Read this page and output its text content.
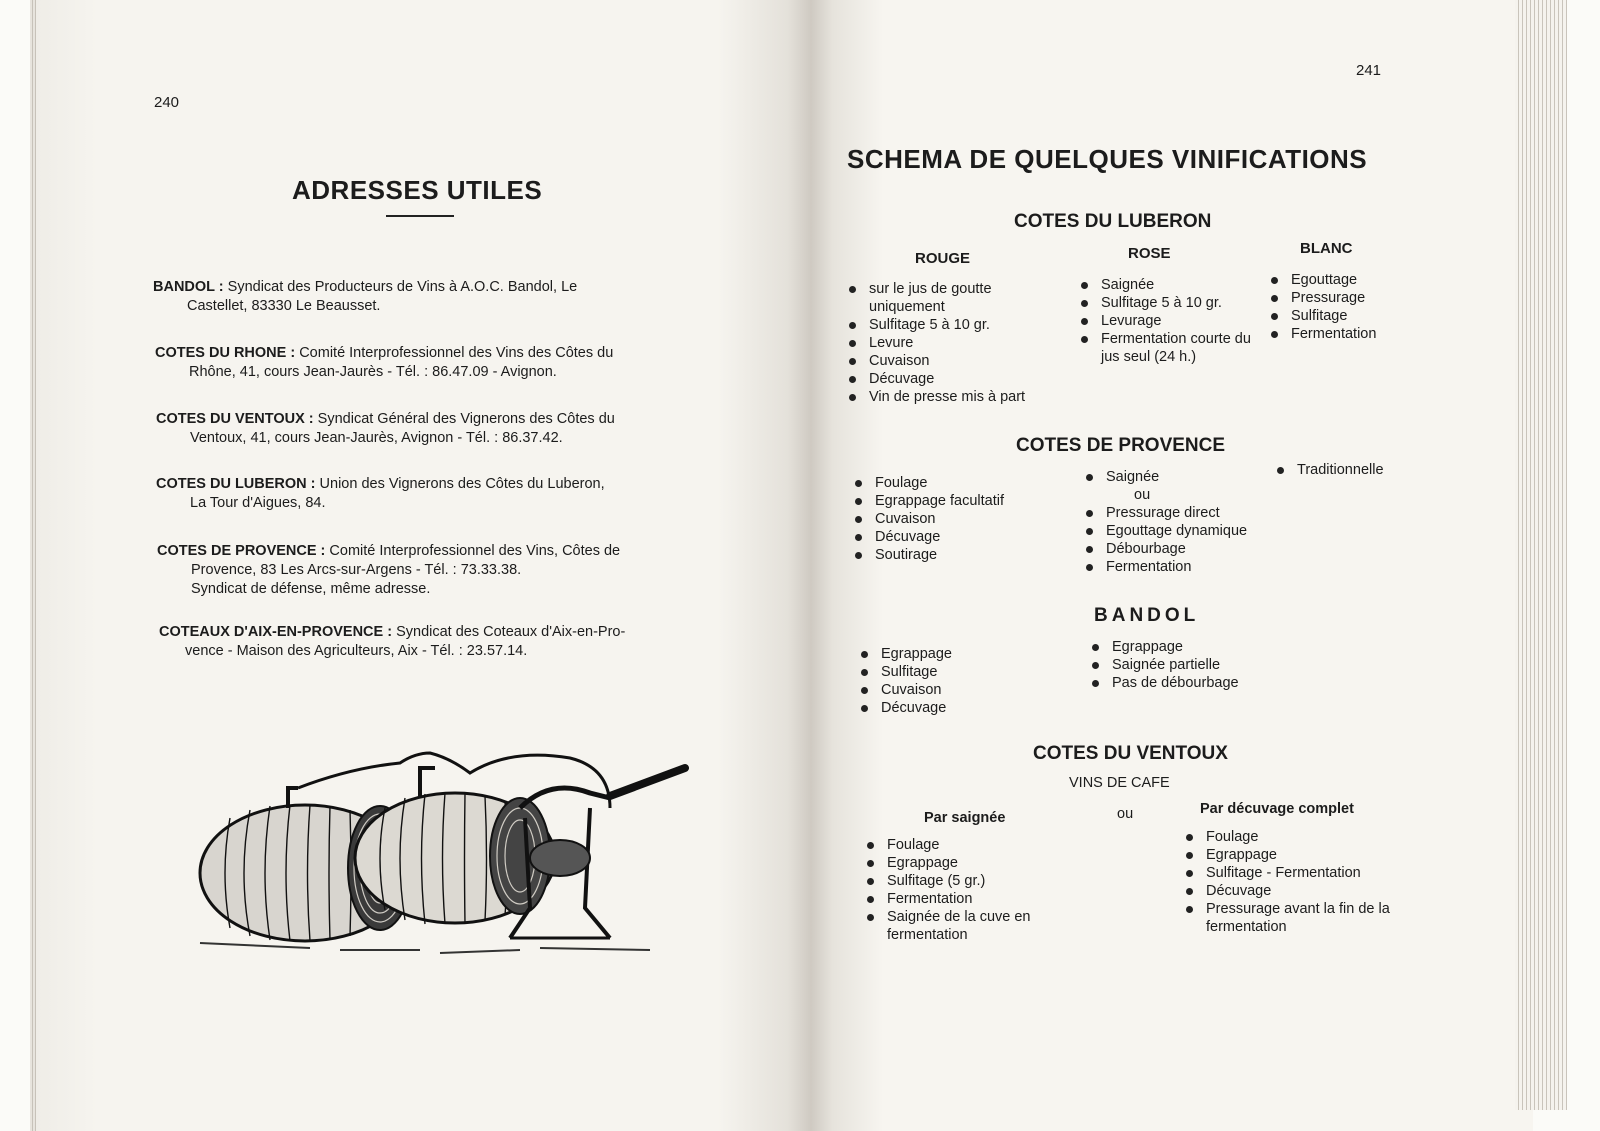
240
ADRESSES UTILES
BANDOL : Syndicat des Producteurs de Vins à A.O.C. Bandol, Le
Castellet, 83330 Le Beausset.
COTES DU RHONE : Comité Interprofessionnel des Vins des Côtes du
Rhône, 41, cours Jean-Jaurès - Tél. : 86.47.09 - Avignon.
COTES DU VENTOUX : Syndicat Général des Vignerons des Côtes du
Ventoux, 41, cours Jean-Jaurès, Avignon - Tél. : 86.37.42.
COTES DU LUBERON : Union des Vignerons des Côtes du Luberon,
La Tour d'Aigues, 84.
COTES DE PROVENCE : Comité Interprofessionnel des Vins, Côtes de
Provence, 83 Les Arcs-sur-Argens - Tél. : 73.33.38.
Syndicat de défense, même adresse.
COTEAUX D'AIX-EN-PROVENCE : Syndicat des Coteaux d'Aix-en-Pro-
vence - Maison des Agriculteurs, Aix - Tél. : 23.57.14.
241
SCHEMA DE QUELQUES VINIFICATIONS
COTES DU LUBERON
ROUGE	ROSE	BLANC
sur le jus de goutte uniquement
Sulfitage 5 à 10 gr.
Levure
Cuvaison
Décuvage
Vin de presse mis à part
Saignée
Sulfitage 5 à 10 gr.
Levurage
Fermentation courte du jus seul (24 h.)
Egouttage
Pressurage
Sulfitage
Fermentation
COTES DE PROVENCE
Foulage
Egrappage facultatif
Cuvaison
Décuvage
Soutirage
Saignée
ou
Pressurage direct
Egouttage dynamique
Débourbage
Fermentation
Traditionnelle
BANDOL
Egrappage
Sulfitage
Cuvaison
Décuvage
Egrappage
Saignée partielle
Pas de débourbage
COTES DU VENTOUX
VINS DE CAFE
Par saignée	ou	Par décuvage complet
Foulage
Egrappage
Sulfitage (5 gr.)
Fermentation
Saignée de la cuve en fermentation
Foulage
Egrappage
Sulfitage - Fermentation
Décuvage
Pressurage avant la fin de la fermentation
